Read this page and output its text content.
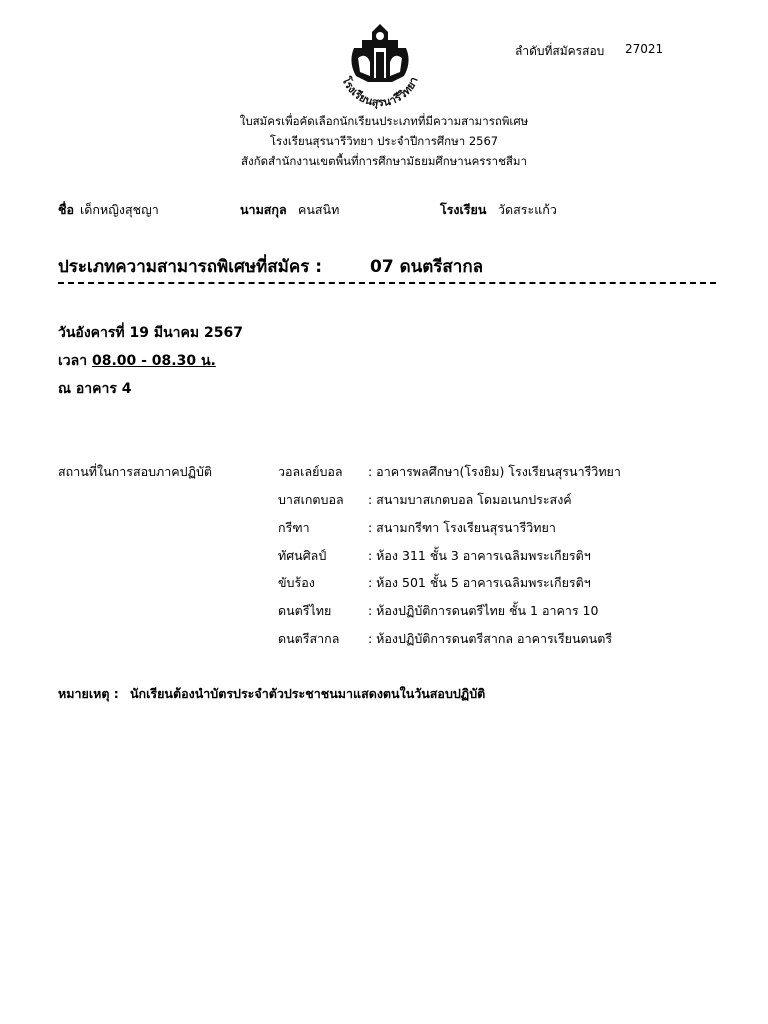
โรงเรียนสุรนารีวิทยา
ลำดับที่สมัครสอบ 27021
ใบสมัครเพื่อคัดเลือกนักเรียนประเภทที่มีความสามารถพิเศษ
โรงเรียนสุรนารีวิทยา ประจำปีการศึกษา 2567
สังกัดสำนักงานเขตพื้นที่การศึกษามัธยมศึกษานครราชสีมา
ชื่อ เด็กหญิงสุชญา	นามสกุล คนสนิท	โรงเรียน วัดสระแก้ว
ประเภทความสามารถพิเศษที่สมัคร :	07 ดนตรีสากล
วันอังคารที่ 19 มีนาคม 2567
เวลา 08.00 - 08.30 น.
ณ อาคาร 4
สถานที่ในการสอบภาคปฏิบัติ	วอลเลย์บอล : อาคารพลศึกษา(โรงยิม) โรงเรียนสุรนารีวิทยา
บาสเกตบอล : สนามบาสเกตบอล โดมอเนกประสงค์
กรีฑา	: สนามกรีฑา โรงเรียนสุรนารีวิทยา
ทัศนศิลป์	: ห้อง 311 ชั้น 3 อาคารเฉลิมพระเกียรติฯ
ขับร้อง	: ห้อง 501 ชั้น 5 อาคารเฉลิมพระเกียรติฯ
ดนตรีไทย	: ห้องปฏิบัติการดนตรีไทย ชั้น 1 อาคาร 10
ดนตรีสากล : ห้องปฏิบัติการดนตรีสากล อาคารเรียนดนตรี
หมายเหตุ : นักเรียนต้องนำบัตรประจำตัวประชาชนมาแสดงตนในวันสอบปฏิบัติ
